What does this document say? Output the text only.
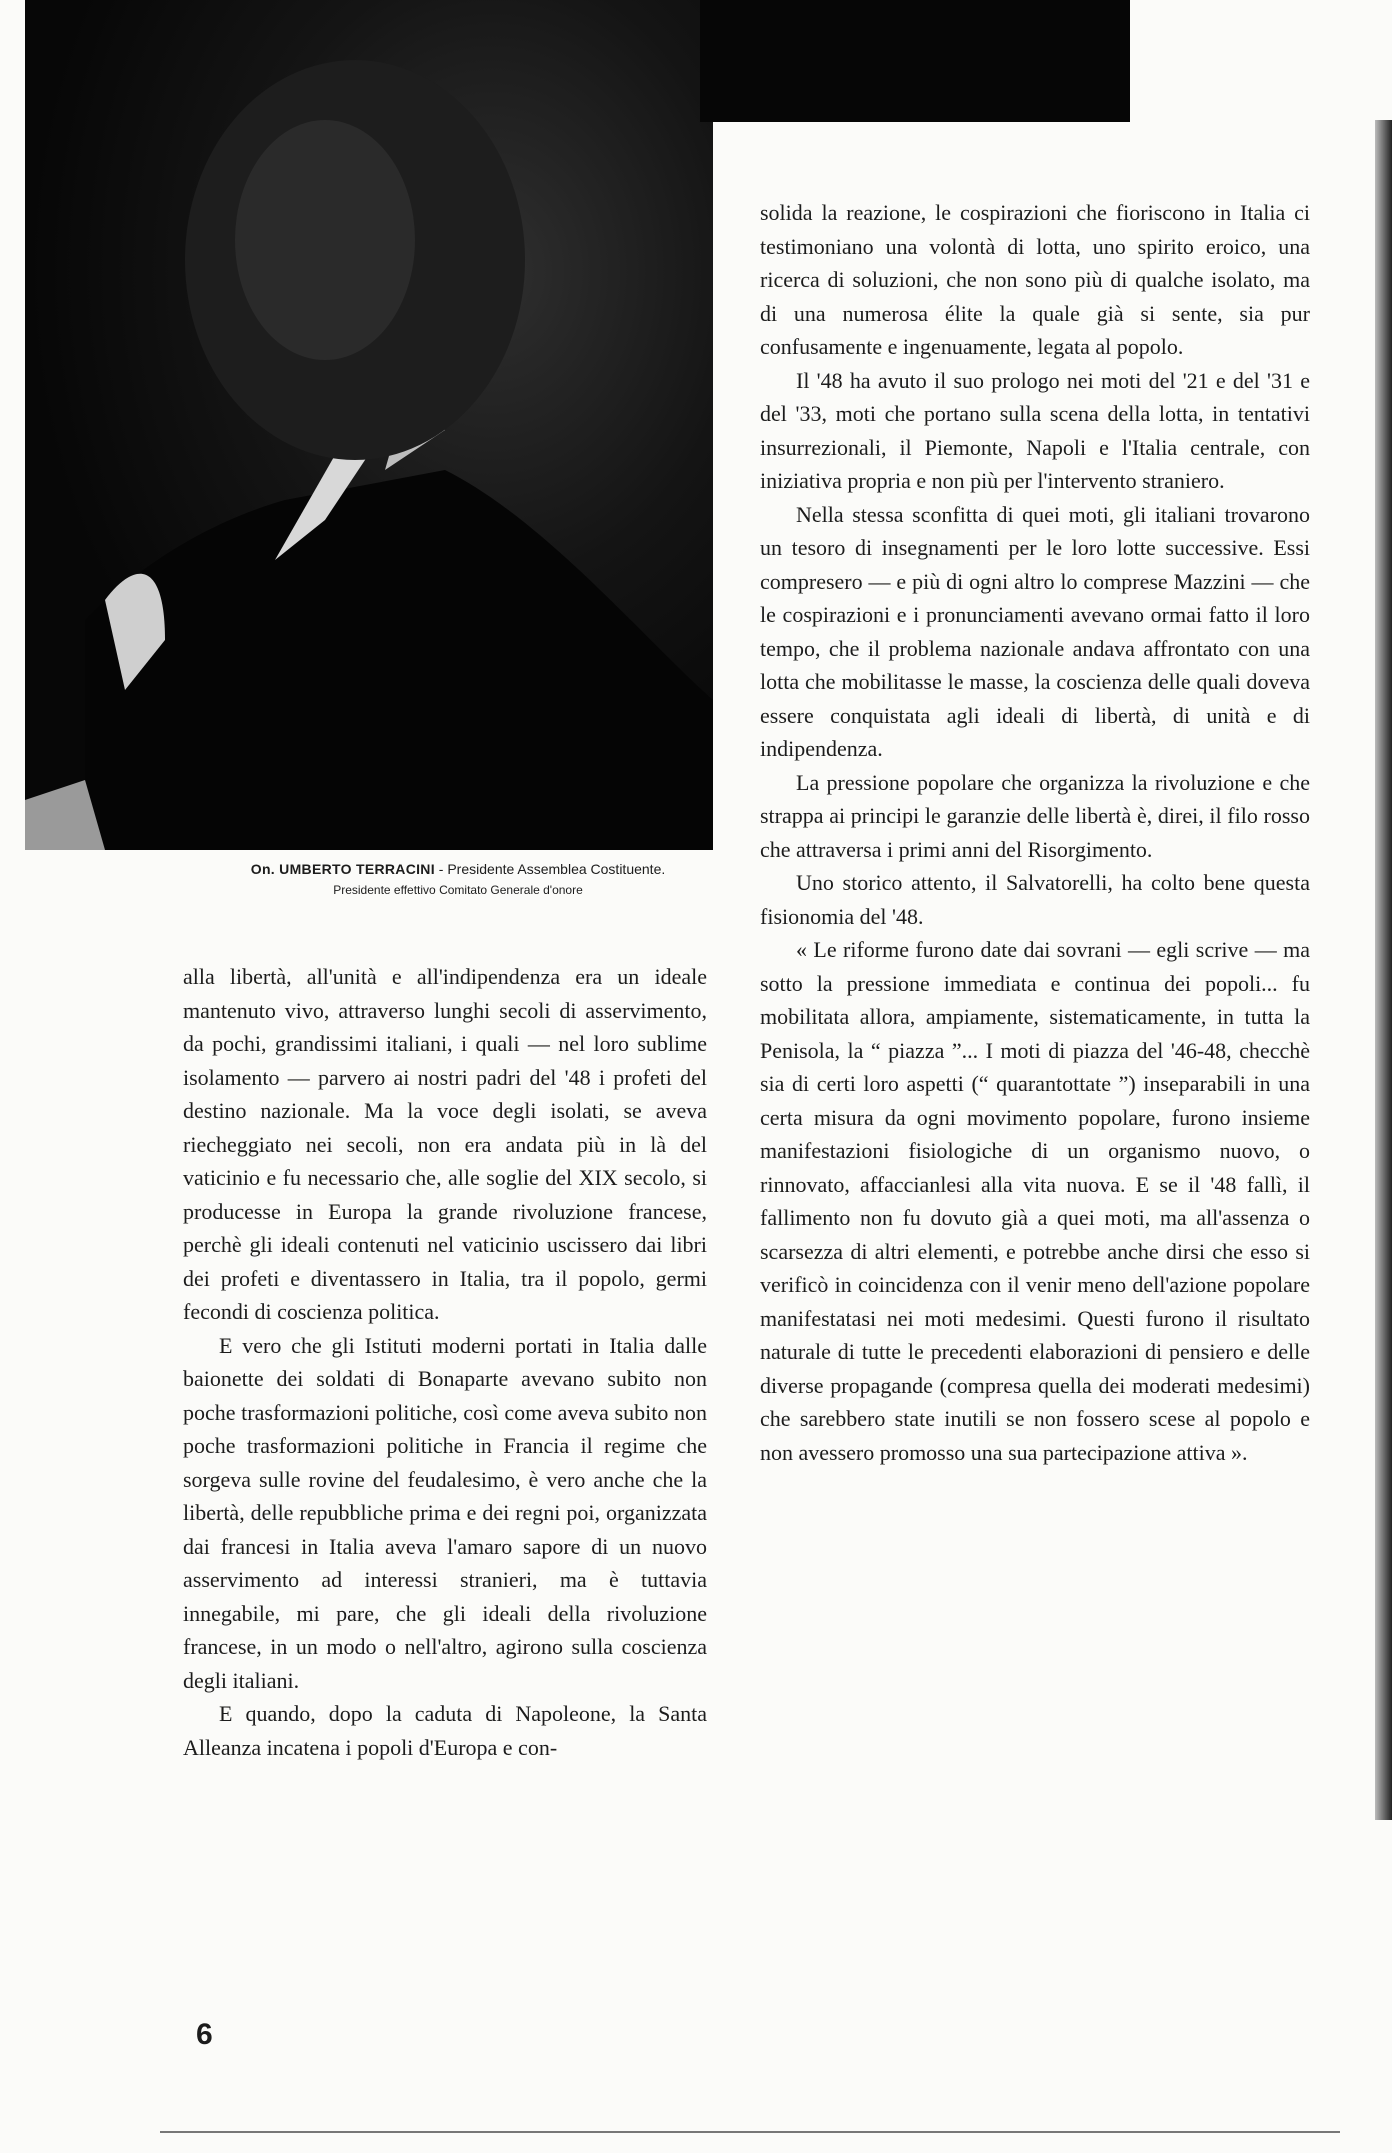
On. UMBERTO TERRACINI - Presidente Assemblea Costituente.
Presidente effettivo Comitato Generale d'onore

alla libertà, all'unità e all'indipendenza era un ideale mantenuto vivo, attraverso lunghi secoli di asservimento, da pochi, grandissimi italiani, i quali — nel loro sublime isolamento — parvero ai nostri padri del '48 i profeti del destino nazionale. Ma la voce degli isolati, se aveva riecheggiato nei secoli, non era andata più in là del vaticinio e fu necessario che, alle soglie del XIX secolo, si producesse in Europa la grande rivoluzione francese, perchè gli ideali contenuti nel vaticinio uscissero dai libri dei profeti e diventassero in Italia, tra il popolo, germi fecondi di coscienza politica.

E vero che gli Istituti moderni portati in Italia dalle baionette dei soldati di Bonaparte avevano subito non poche trasformazioni politiche, così come aveva subito non poche trasformazioni politiche in Francia il regime che sorgeva sulle rovine del feudalesimo, è vero anche che la libertà, delle repubbliche prima e dei regni poi, organizzata dai francesi in Italia aveva l'amaro sapore di un nuovo asservimento ad interessi stranieri, ma è tuttavia innegabile, mi pare, che gli ideali della rivoluzione francese, in un modo o nell'altro, agirono sulla coscienza degli italiani.

E quando, dopo la caduta di Napoleone, la Santa Alleanza incatena i popoli d'Europa e con-

solida la reazione, le cospirazioni che fioriscono in Italia ci testimoniano una volontà di lotta, uno spirito eroico, una ricerca di soluzioni, che non sono più di qualche isolato, ma di una numerosa élite la quale già si sente, sia pur confusamente e ingenuamente, legata al popolo.

Il '48 ha avuto il suo prologo nei moti del '21 e del '31 e del '33, moti che portano sulla scena della lotta, in tentativi insurrezionali, il Piemonte, Napoli e l'Italia centrale, con iniziativa propria e non più per l'intervento straniero.

Nella stessa sconfitta di quei moti, gli italiani trovarono un tesoro di insegnamenti per le loro lotte successive. Essi compresero — e più di ogni altro lo comprese Mazzini — che le cospirazioni e i pronunciamenti avevano ormai fatto il loro tempo, che il problema nazionale andava affrontato con una lotta che mobilitasse le masse, la coscienza delle quali doveva essere conquistata agli ideali di libertà, di unità e di indipendenza.

La pressione popolare che organizza la rivoluzione e che strappa ai principi le garanzie delle libertà è, direi, il filo rosso che attraversa i primi anni del Risorgimento.

Uno storico attento, il Salvatorelli, ha colto bene questa fisionomia del '48.

« Le riforme furono date dai sovrani — egli scrive — ma sotto la pressione immediata e continua dei popoli... fu mobilitata allora, ampiamente, sistematicamente, in tutta la Penisola, la “ piazza ”... I moti di piazza del '46-48, checchè sia di certi loro aspetti (“ quarantottate ”) inseparabili in una certa misura da ogni movimento popolare, furono insieme manifestazioni fisiologiche di un organismo nuovo, o rinnovato, affaccianlesi alla vita nuova. E se il '48 fallì, il fallimento non fu dovuto già a quei moti, ma all'assenza o scarsezza di altri elementi, e potrebbe anche dirsi che esso si verificò in coincidenza con il venir meno dell'azione popolare manifestatasi nei moti medesimi. Questi furono il risultato naturale di tutte le precedenti elaborazioni di pensiero e delle diverse propagande (compresa quella dei moderati medesimi) che sarebbero state inutili se non fossero scese al popolo e non avessero promosso una sua partecipazione attiva ».

6
